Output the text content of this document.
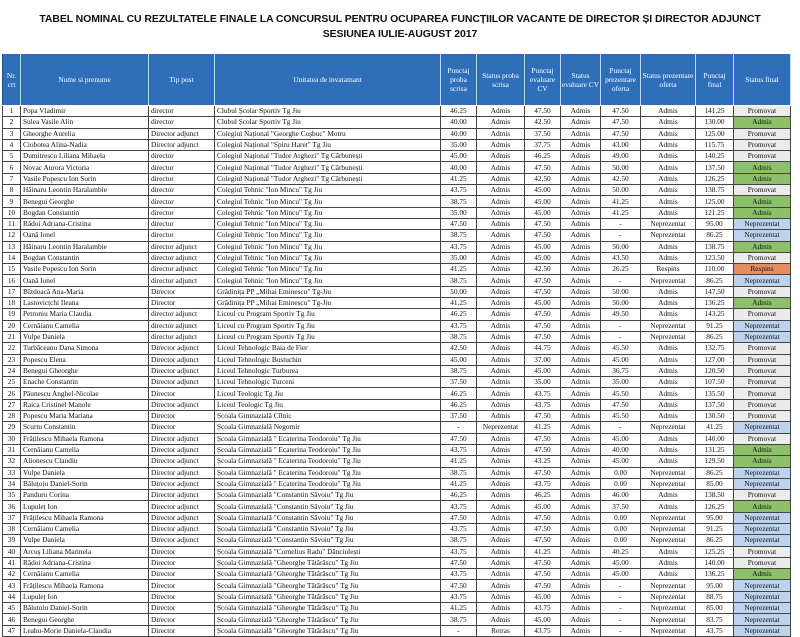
TABEL NOMINAL CU REZULTATELE FINALE LA CONCURSUL PENTRU OCUPAREA FUNCȚIILOR VACANTE DE DIRECTOR ȘI DIRECTOR ADJUNCT
SESIUNEA IULIE-AUGUST 2017
Nr. crt	Nume si prenume	Tip post	Unitatea de invatamant	Punctaj proba scrisa	Status proba scrisa	Punctaj evaluare CV	Status evaluare CV	Punctaj prezentare oferta	Status prezentare oferta	Punctaj final	Status final
1	Popa Vladimir	director	Clubul Școlar Sportiv Tg Jiu	46.25	Admis	47.50	Admis	47.50	Admis	141.25	Promovat
2	Sulea Vasile Alin	director	Clubul Școlar Sportiv Tg Jiu	40.00	Admis	42.50	Admis	47.50	Admis	130.00	Admis
3	Gheorghe Aurelia	Director adjunct	Colegiul Național "Georghe Coșbuc" Motru	40.00	Admis	37.50	Admis	47.50	Admis	125.00	Promovat
4	Ciobotea Alina-Nadia	Director adjunct	Colegiul Național "Spiru Haret" Tg Jiu	35.00	Admis	37.75	Admis	43.00	Admis	115.75	Promovat
5	Dumitrescu Liliana Mihaela	director	Colegiul Național "Tudor Arghezi" Tg Cărbunești	45.00	Admis	46.25	Admis	49.00	Admis	140.25	Promovat
6	Novac Aurora Victoria	director	Colegiul Național "Tudor Arghezi" Tg Cărbunești	40.00	Admis	47.50	Admis	50.00	Admis	137.50	Admis
7	Vasile Popescu Ion Sorin	director	Colegiul Național "Tudor Arghezi" Tg Cărbunești	41.25	Admis	42.50	Admis	42.50	Admis	126.25	Admis
8	Hăinaru Leontin Haralambie	director	Colegiul Tehnic "Ion Mincu" Tg Jiu	43.75	Admis	45.00	Admis	50.00	Admis	138.75	Promovat
9	Benegui Georghe	director	Colegiul Tehnic "Ion Mincu" Tg Jiu	38.75	Admis	45.00	Admis	41.25	Admis	125.00	Admis
10	Bogdan Constantin	director	Colegiul Tehnic "Ion Mincu" Tg Jiu	35.00	Admis	45.00	Admis	41.25	Admis	121.25	Admis
11	Rădoi Adriana-Cristina	director	Colegiul Tehnic "Ion Mincu" Tg Jiu	47.50	Admis	47.50	Admis	-	Neprezentat	95.00	Neprezentat
12	Oană Ionel	director	Colegiul Tehnic "Ion Mincu" Tg Jiu	38.75	Admis	47.50	Admis	-	Neprezentat	86.25	Neprezentat
13	Hăinaru Leontin Haralambie	director adjunct	Colegiul Tehnic "Ion Mincu" Tg Jiu	43.75	Admis	45.00	Admis	50.00	Admis	138.75	Admis
14	Bogdan Constantin	director adjunct	Colegiul Tehnic "Ion Mincu" Tg Jiu	35.00	Admis	45.00	Admis	43.50	Admis	123.50	Promovat
15	Vasile Popescu Ion Sorin	director adjunct	Colegiul Tehnic "Ion Mincu" Tg Jiu	41.25	Admis	42.50	Admis	26.25	Respins	110.00	Respins
16	Oană Ionel	director adjunct	Colegiul Tehnic "Ion Mincu" Tg Jiu	38.75	Admis	47.50	Admis	-	Neprezentat	86.25	Neprezentat
17	Bîzdoacă Ana-Maria	Director	Grădinița PP „Mihai Eminescu" Tg-Jiu	50.00	Admis	47.50	Admis	50.00	Admis	147.50	Promovat
18	Lastovicțchi Ileana	Director	Grădinița PP „Mihai Eminescu" Tg-Jiu	41.25	Admis	45.00	Admis	50.00	Admis	136.25	Admis
19	Petroniu Maria Claudia	director adjunct	Liceul cu Program Sportiv Tg Jiu	46.25	Admis	47.50	Admis	49.50	Admis	143.25	Promovat
20	Cernăianu Camelia	director adjunct	Liceul cu Program Sportiv Tg Jiu	43.75	Admis	47.50	Admis	-	Neprezentat	91.25	Neprezentat
21	Vulpe Daniela	director adjunct	Liceul cu Program Sportiv Tg Jiu	38.75	Admis	47.50	Admis	-	Neprezentat	86.25	Neprezentat
22	Turbăceanu Dana Simona	Director adjunct	Liceul Tehnologic Baia de Fier	42.50	Admis	44.75	Admis	45.50	Admis	132.75	Promovat
23	Popescu Elena	Director adjunct	Liceul Tehnologic Bustuchin	45.00	Admis	37.00	Admis	45.00	Admis	127.00	Promovat
24	Benegui Gheorghe	Director adjunct	Liceul Tehnologic Turburea	38.75	Admis	45.00	Admis	36.75	Admis	120.50	Promovat
25	Enache Constantin	Director adjunct	Liceul Tehnologic Turceni	37.50	Admis	35.00	Admis	35.00	Admis	107.50	Promovat
26	Păunescu Anghel-Nicolae	Director	Liceul Teologic Tg Jiu	46.25	Admis	43.75	Admis	45.50	Admis	135.50	Promovat
27	Raica Cristinel Manole	Director adjunct	Liceul Teologic Tg Jiu	46.25	Admis	43.75	Admis	47.50	Admis	137.50	Promovat
28	Popescu Maria Mariana	Director	Școala Gimnazială Cîlnic	37.50	Admis	47.50	Admis	45.50	Admis	130.50	Promovat
29	Scurtu Constantin	Director	Școala Gimnazială Negomir	-	Neprezentat	41.25	Admis	-	Neprezentat	41.25	Neprezentat
30	Frățilescu Mihaela Ramona	Director adjunct	Școala Gimnazială " Ecaterina Teodoroiu" Tg Jiu	47.50	Admis	47.50	Admis	45.00	Admis	140.00	Promovat
31	Cernăianu Camelia	Director adjunct	Școala Gimnazială " Ecaterina Teodoroiu" Tg Jiu	43.75	Admis	47.50	Admis	40.00	Admis	131.25	Admis
32	Alionescu Claudiu	Director adjunct	Școala Gimnazială " Ecaterina Teodoroiu" Tg Jiu	41.25	Admis	43.25	Admis	45.00	Admis	129.50	Admis
33	Vulpe Daniela	Director adjunct	Școala Gimnazială " Ecaterina Teodoroiu" Tg Jiu	38.75	Admis	47.50	Admis	0.00	Neprezentat	86.25	Neprezentat
34	Băluțoiu Daniel-Sorin	Director adjunct	Școala Gimnazială " Ecaterina Teodoroiu" Tg Jiu	41.25	Admis	43.75	Admis	0.00	Neprezentat	85.00	Neprezentat
35	Panduru Corina	Director adjunct	Școala Gimnazială "Constantin Săvoiu" Tg Jiu	46.25	Admis	46.25	Admis	46.00	Admis	138.50	Promovat
36	Lupuleț Ion	Director adjunct	Școala Gimnazială "Constantin Săvoiu" Tg Jiu	43.75	Admis	45.00	Admis	37.50	Admis	126.25	Admis
37	Frățilescu Mihaela Ramona	Director adjunct	Școala Gimnazială "Constantin Săvoiu" Tg Jiu	47.50	Admis	47.50	Admis	0.00	Neprezentat	95.00	Neprezentat
38	Cernăianu Camelia	Director adjunct	Școala Gimnazială "Constantin Săvoiu" Tg Jiu	43.75	Admis	47.50	Admis	0.00	Neprezentat	91.25	Neprezentat
39	Vulpe Daniela	Director adjunct	Școala Gimnazială "Constantin Săvoiu" Tg Jiu	38.75	Admis	47.50	Admis	0.00	Neprezentat	86.25	Neprezentat
40	Arcuș Liliana Marinela	Director	Școala Gimnazială "Cornelius Radu" Dănciulești	43.75	Admis	41.25	Admis	40.25	Admis	125.25	Promovat
41	Rădoi Adriana-Cristina	Director	Școala Gimnazială "Gheorghe Tătărăscu" Tg Jiu	47.50	Admis	47.50	Admis	45.00	Admis	140.00	Promovat
42	Cernăianu Camelia	Director	Școala Gimnazială "Gheorghe Tătărăscu" Tg Jiu	43.75	Admis	47.50	Admis	45.00	Admis	136.25	Admis
43	Frățilescu Mihaela Ramona	Director	Școala Gimnazială "Gheorghe Tătărăscu" Tg Jiu	47.50	Admis	47.50	Admis	-	Neprezentat	95.00	Neprezentat
44	Lupuleț Ion	Director	Școala Gimnazială "Gheorghe Tătărăscu" Tg Jiu	43.75	Admis	45.00	Admis	-	Neprezentat	88.75	Neprezentat
45	Bălutoiu Daniel-Sorin	Director	Școala Gimnazială "Gheorghe Tătărăscu" Tg Jiu	41.25	Admis	43.75	Admis	-	Neprezentat	85.00	Neprezentat
46	Benegui Georghe	Director	Școala Gimnazială "Gheorghe Tătărăscu" Tg Jiu	38.75	Admis	45.00	Admis	-	Neprezentat	83.75	Neprezentat
47	Leahu-Morie Daniela-Claudia	Director	Școala Gimnazială "Gheorghe Tătărăscu" Tg Jiu	-	Retras	43.75	Admis	-	Neprezentat	43.75	Neprezentat
